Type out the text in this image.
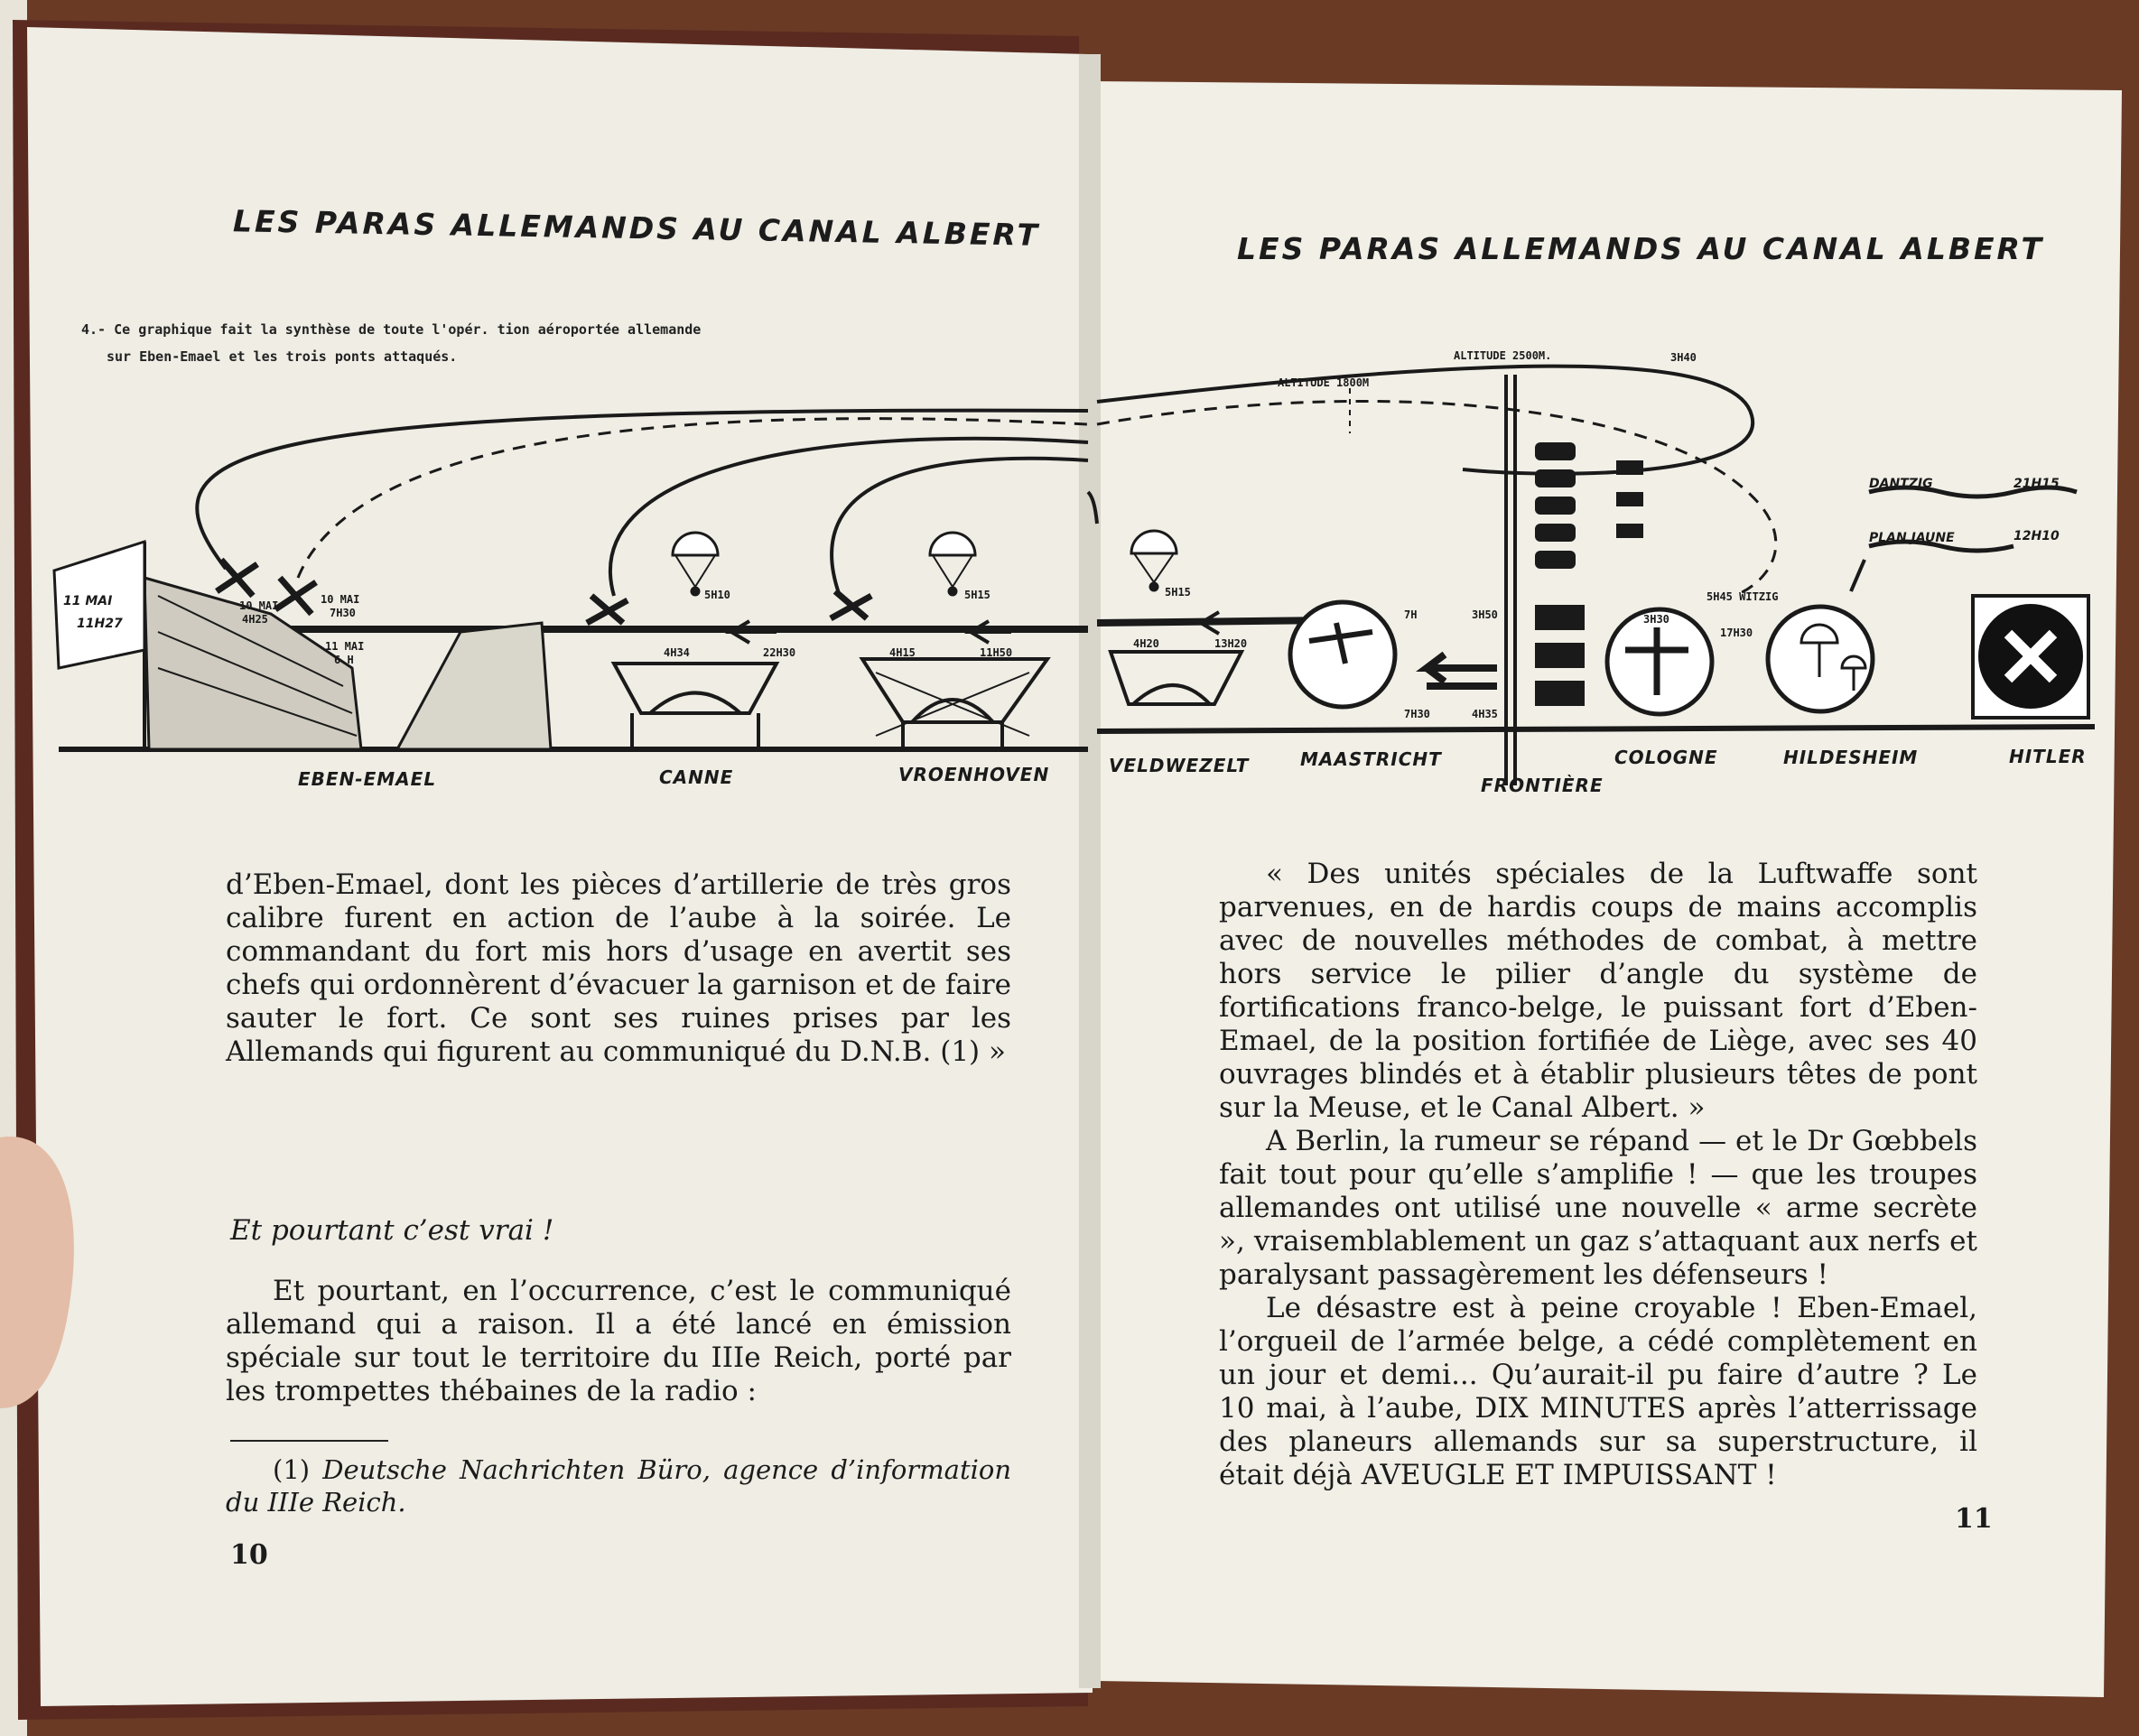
11 MAI
11H27
10 MAI
4H25
10 MAI
7H30
11 MAI
6 H
4H34	22H30
5H10	5H15	5H15
4H15	11H50
4H20	13H20
7H	3H50
7H30	4H35
3H30
3H40
5H45 WITZIG
17H30
ALTITUDE 1800M
ALTITUDE 2500M.
DANTZIG	21H15
PLAN JAUNE	12H10
EBEN-EMAEL	CANNE	VROENHOVEN	VELDWEZELT	MAASTRICHT
FRONTIÈRE
COLOGNE	HILDESHEIM	HITLER
LES PARAS ALLEMANDS AU CANAL ALBERT	LES PARAS ALLEMANDS AU CANAL ALBERT
4.- Ce graphique fait la synthèse de toute l'opér. tion aéroportée allemande
sur Eben-Emael et les trois ponts attaqués.

d’Eben-Emael, dont les pièces d’artillerie de très gros calibre furent en action de l’aube à la soirée. Le commandant du fort mis hors d’usage en avertit ses chefs qui ordonnèrent d’évacuer la garnison et de faire sauter le fort. Ce sont ses ruines prises par les Allemands qui figurent au communiqué du D.N.B. (1) »

Et pourtant c’est vrai !

Et pourtant, en l’occurrence, c’est le communiqué allemand qui a raison. Il a été lancé en émission spéciale sur tout le territoire du IIIe Reich, porté par les trompettes thébaines de la radio :

(1) Deutsche Nachrichten Büro, agence d’information du IIIe Reich.
10

« Des unités spéciales de la Luftwaffe sont parvenues, en de hardis coups de mains accomplis avec de nouvelles méthodes de combat, à mettre hors service le pilier d’angle du système de fortifications franco-belge, le puissant fort d’Eben-Emael, de la position fortifiée de Liège, avec ses 40 ouvrages blindés et à établir plusieurs têtes de pont sur la Meuse, et le Canal Albert. »

A Berlin, la rumeur se répand — et le Dr Gœbbels fait tout pour qu’elle s’amplifie ! — que les troupes allemandes ont utilisé une nouvelle « arme secrète », vraisemblablement un gaz s’attaquant aux nerfs et paralysant passagèrement les défenseurs !

Le désastre est à peine croyable ! Eben-Emael, l’orgueil de l’armée belge, a cédé complètement en un jour et demi... Qu’aurait-il pu faire d’autre ? Le 10 mai, à l’aube, DIX MINUTES après l’atterrissage des planeurs allemands sur sa superstructure, il était déjà AVEUGLE ET IMPUISSANT !

11
